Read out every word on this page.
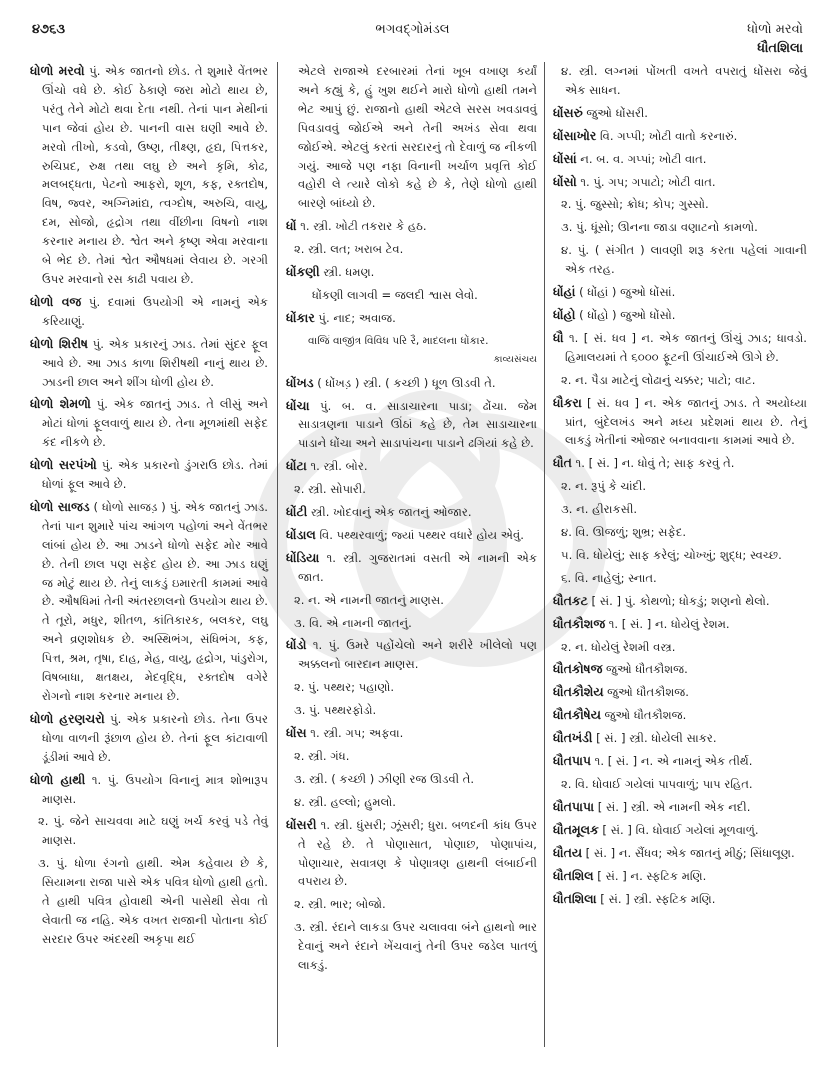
૪૭૬૩	ભગવદ્ગોમંડલ	ધોળો મરવો
ધૌતશિલા

ધોળો મરવો પું. એક જાતનો છોડ. તે શુમારે વેંતભર ઊંચો વધે છે. કોઈ ઠેકાણે જરા મોટો થાય છે, પરંતુ તેને મોટો થવા દેતા નથી. તેનાં પાન મેથીનાં પાન જેવાં હોય છે. પાનની વાસ ઘણી આવે છે. મરવો તીખો, કડવો, ઉષ્ણ, તીક્ષ્ણ, હૃદ્ય, પિત્તકર, રુચિપ્રદ, રુક્ષ તથા લઘુ છે અને કૃમિ, કોઢ, મલબદ્ધતા, પેટનો આફરો, શૂળ, કફ, રક્તદોષ, વિષ, જ્વર, અગ્નિમાંદ્ય, ત્વગ્દોષ, અરુચિ, વાયુ, દમ, સોજો, હૃદ્રોગ તથા વીંછીના વિષનો નાશ કરનાર મનાય છે. શ્વેત અને કૃષ્ણ એવા મરવાના બે ભેદ છે. તેમાં શ્વેત ઔષધમાં લેવાય છે. ગરગી ઉપર મરવાનો રસ કાઢી પવાય છે.

ધોળો વજ પું. દવામાં ઉપયોગી એ નામનું એક કરિયાણું.

ધોળો શિરીષ પું. એક પ્રકારનું ઝાડ. તેમાં સુંદર ફૂલ આવે છે. આ ઝાડ કાળા શિરીષથી નાનું થાય છે. ઝાડની છાલ અને શીંગ ધોળી હોય છે.

ધોળો શેમળો પું. એક જાતનું ઝાડ. તે લીસું અને મોટાં ધોળાં ફૂલવાળું થાય છે. તેના મૂળમાંથી સફેદ કંદ નીકળે છે.

ધોળો સરપંખો પું. એક પ્રકારનો ડુંગરાઉ છોડ. તેમાં ધોળાં ફૂલ આવે છે.

ધોળો સાજડ ( ધોળો સાજડ઼ ) પું. એક જાતનું ઝાડ. તેનાં પાન શુમારે પાંચ આંગળ પહોળાં અને વેંતભર લાંબાં હોય છે. આ ઝાડને ધોળો સફેદ મોર આવે છે. તેની છાલ પણ સફેદ હોય છે. આ ઝાડ ઘણું જ મોટું થાય છે. તેનું લાકડું ઇમારતી કામમાં આવે છે. ઔષધિમાં તેની અંતરછાલનો ઉપયોગ થાય છે. તે તૂરો, મધુર, શીતળ, કાંતિકારક, બલકર, લઘુ અને વ્રણશોધક છે. અસ્થિભંગ, સંધિભંગ, કફ, પિત્ત, શ્રમ, તૃષા, દાહ, મેહ, વાયુ, હૃદ્રોગ, પાંડુરોગ, વિષબાધા, ક્ષતક્ષય, મેદવૃદ્ધિ, રક્તદોષ વગેરે રોગનો નાશ કરનાર મનાય છે.

ધોળો હરણચરો પું. એક પ્રકારનો છોડ. તેના ઉપર ધોળા વાળની રૂંછાળ હોય છે. તેનાં ફૂલ કાંટાવાળી ડૂંડીમાં આવે છે.

ધોળો હાથી ૧. પું. ઉપયોગ વિનાનું માત્ર શોભારૂપ માણસ.

૨. પું. જેને સાચવવા માટે ઘણું ખર્ચ કરવું પડે તેવું માણસ.

૩. પું. ધોળા રંગનો હાથી. એમ કહેવાય છે કે, સિયામના રાજા પાસે એક પવિત્ર ધોળો હાથી હતો. તે હાથી પવિત્ર હોવાથી એની પાસેથી સેવા તો લેવાતી જ નહિ. એક વખત રાજાની પોતાના કોઈ સરદાર ઉપર અંદરથી અકૃપા થઈ

એટલે રાજાએ દરબારમાં તેનાં ખૂબ વખાણ કર્યાં અને કહ્યું કે, હું ખુશ થઈને મારો ધોળો હાથી તમને ભેટ આપું છું. રાજાનો હાથી એટલે સરસ ખવડાવવું પિવડાવવું જોઈએ અને તેની અખંડ સેવા થવા જોઈએ. એટલું કરતાં સરદારનું તો દેવાળું જ નીકળી ગયું. આજે પણ નફા વિનાની ખર્ચાળ પ્રવૃત્તિ કોઈ વહોરી લે ત્યારે લોકો કહે છે કે, તેણે ધોળો હાથી બારણે બાંધ્યો છે.

ધોં ૧. સ્ત્રી. ખોટી તકરાર કે હઠ.

૨. સ્ત્રી. લત; ખરાબ ટેવ.

ધોંકણી સ્ત્રી. ધમણ.

ધોંકણી લાગવી = જલદી શ્વાસ લેવો.

ધોંકાર પું. નાદ; અવાજ.

વાજિં વાજીંત્ર વિવિધ પરિ રૈ, માદલના ધોંકાર.

કાવ્યસંચય

ધોંખડ ( ધોંખડ઼ ) સ્ત્રી. ( કચ્છી ) ધૂળ ઊડવી તે.

ધોંચા પું. બ. વ. સાડાચારના પાડા; ઢોંચા. જેમ સાડાત્રણના પાડાને ઊંઠાં કહે છે, તેમ સાડાચારના પાડાને ધોંચા અને સાડાપાંચના પાડાને ઢગિયાં કહે છે.

ધોંટા ૧. સ્ત્રી. બોર.

૨. સ્ત્રી. સોપારી.

ધોંટી સ્ત્રી. ખોદવાનું એક જાતનું ઓજાર.

ધોંડાલ વિ. પથ્થરવાળું; જ્યાં પથ્થર વધારે હોય એવું.

ધોંડિયા ૧. સ્ત્રી. ગુજરાતમાં વસતી એ નામની એક જાત.

૨. ન. એ નામની જાતનું માણસ.

૩. વિ. એ નામની જાતનું.

ધોંડો ૧. પું. ઉમરે પહોંચેલો અને શરીરે ખીલેલો પણ અક્કલનો બારદાન માણસ.

૨. પું. પથ્થર; પહાણો.

૩. પું. પથ્થરફોડો.

ધોંસ ૧. સ્ત્રી. ગપ; અફવા.

૨. સ્ત્રી. ગંધ.

૩. સ્ત્રી. ( કચ્છી ) ઝીણી રજ ઊડવી તે.

૪. સ્ત્રી. હલ્લો; હુમલો.

ધોંસરી ૧. સ્ત્રી. ધુંસરી; ઝૂંસરી; ધુરા. બળદની કાંધ ઉપર તે રહે છે. તે પોણાસાત, પોણાછ, પોણાપાંચ, પોણાચાર, સવાત્રણ કે પોણાત્રણ હાથની લંબાઈની વપરાય છે.

૨. સ્ત્રી. ભાર; બોજો.

૩. સ્ત્રી. રંદાને લાકડા ઉપર ચલાવવા બંને હાથનો ભાર દેવાનું અને રંદાને ખેંચવાનું તેની ઉપર જડેલ પાતળું લાકડું.

૪. સ્ત્રી. લગ્નમાં પોંખતી વખતે વપરાતું ધોંસરા જેવું એક સાધન.

ધોંસરું જુઓ ધોંસરી.

ધોંસાખોર વિ. ગપ્પી; ખોટી વાતો કરનારું.

ધોંસાં ન. બ. વ. ગપ્પાં; ખોટી વાત.

ધોંસો ૧. પું. ગપ; ગપાટો; ખોટી વાત.

૨. પું. જુસ્સો; ક્રોધ; કોપ; ગુસ્સો.

૩. પું. ધૂંસો; ઊનના જાડા વણાટનો કામળો.

૪. પું. ( સંગીત ) લાવણી શરૂ કરતા પહેલાં ગાવાની એક તરહ.

ધોંહાં ( ધોંહાં ) જુઓ ધોંસાં.

ધોંહો ( ધોંહો ) જુઓ ધોંસો.

ધૌ ૧. [ સં. ધવ ] ન. એક જાતનું ઊંચું ઝાડ; ધાવડો. હિમાલયમાં તે ૬૦૦૦ ફૂટની ઊંચાઈએ ઊગે છે.

૨. ન. પૈડા માટેનું લોઢાનું ચક્કર; પાટો; વાટ.

ધૌકરા [ સં. ધવ ] ન. એક જાતનું ઝાડ. તે અયોધ્યા પ્રાંત, બુંદેલખંડ અને મધ્ય પ્રદેશમાં થાય છે. તેનું લાકડું ખેતીનાં ઓજાર બનાવવાના કામમાં આવે છે.

ધૌત ૧. [ સં. ] ન. ધોવું તે; સાફ કરવું તે.

૨. ન. રૂપું કે ચાંદી.

૩. ન. હીરાકસી.

૪. વિ. ઊજળું; શુભ્ર; સફેદ.

૫. વિ. ધોયેલું; સાફ કરેલું; ચોખ્ખું; શુદ્ધ; સ્વચ્છ.

૬. વિ. નાહેલું; સ્નાત.

ધૌતકટ [ સં. ] પું. કોથળો; ધોકડું; શણનો થેલો.

ધૌતકૌશજ ૧. [ સં. ] ન. ધોયેલું રેશમ.

૨. ન. ધોયેલું રેશમી વસ્ત્ર.

ધૌતકોષજ જુઓ ધૌતકૌશજ.

ધૌતકૌશેય જુઓ ધૌતકૌશજ.

ધૌતકૌષેય જુઓ ધૌતકૌશજ.

ધૌતખંડી [ સં. ] સ્ત્રી. ધોયેલી સાકર.

ધૌતપાપ ૧. [ સં. ] ન. એ નામનું એક તીર્થ.

૨. વિ. ધોવાઈ ગયેલાં પાપવાળું; પાપ રહિત.

ધૌતપાપા [ સં. ] સ્ત્રી. એ નામની એક નદી.

ધૌતમૂલક [ સં. ] વિ. ધોવાઈ ગયેલાં મૂળવાળું.

ધૌતય [ સં. ] ન. સૈંધવ; એક જાતનું મીઠું; સિંધાલૂણ.

ધૌતશિલ [ સં. ] ન. સ્ફટિક મણિ.

ધૌતશિલા [ સં. ] સ્ત્રી. સ્ફટિક મણિ.
